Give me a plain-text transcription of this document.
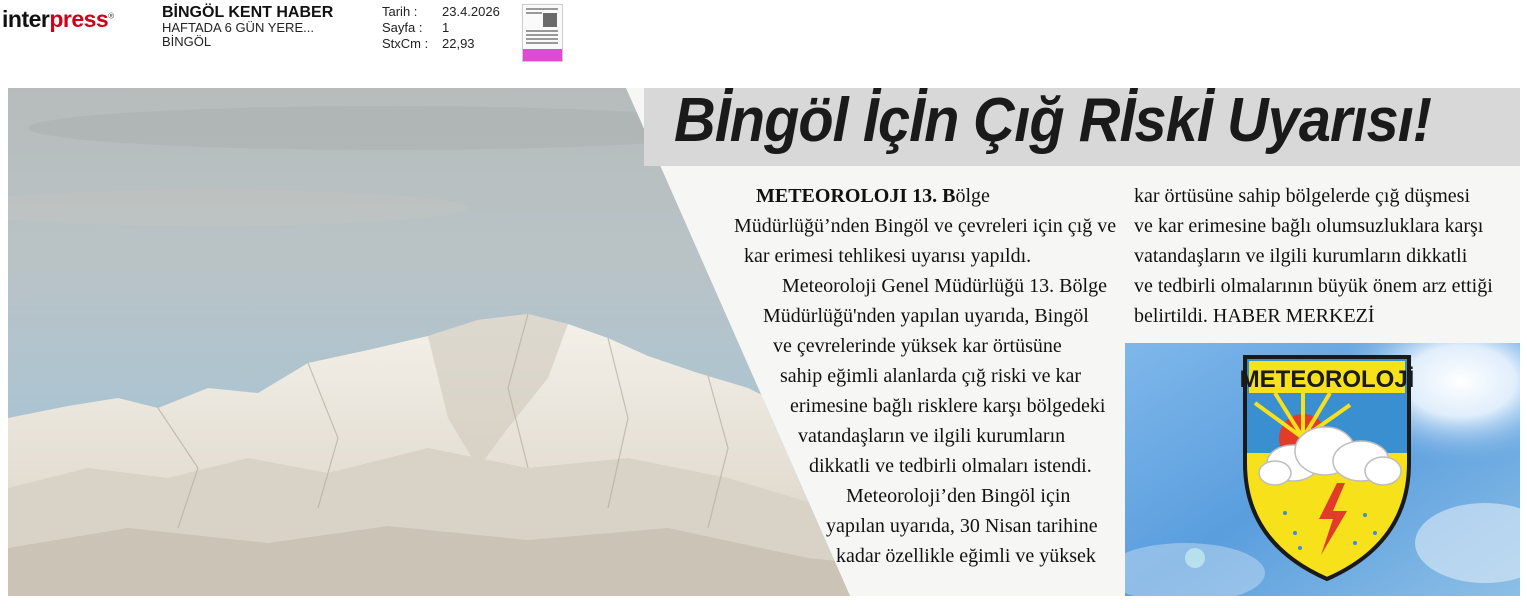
interpress®	BİNGÖL KENT HABER
HAFTADA 6 GÜN YERE...
BİNGÖL
Tarih :	23.4.2026
Sayfa :	1
StxCm :	22,93
Bİngöl İçİn Çığ Rİskİ Uyarısı!
METEOROLOJI 13. Bölge
Müdürlüğü’nden Bingöl ve çevreleri için çığ ve
kar erimesi tehlikesi uyarısı yapıldı.
Meteoroloji Genel Müdürlüğü 13. Bölge
Müdürlüğü'nden yapılan uyarıda, Bingöl
ve çevrelerinde yüksek kar örtüsüne
sahip eğimli alanlarda çığ riski ve kar
erimesine bağlı risklere karşı bölgedeki
vatandaşların ve ilgili kurumların
dikkatli ve tedbirli olmaları istendi.
Meteoroloji’den Bingöl için
yapılan uyarıda, 30 Nisan tarihine
kadar özellikle eğimli ve yüksek
kar örtüsüne sahip bölgelerde çığ düşmesi
ve kar erimesine bağlı olumsuzluklara karşı
vatandaşların ve ilgili kurumların dikkatli
ve tedbirli olmalarının büyük önem arz ettiği
belirtildi. HABER MERKEZİ
METEOROLOJİ
